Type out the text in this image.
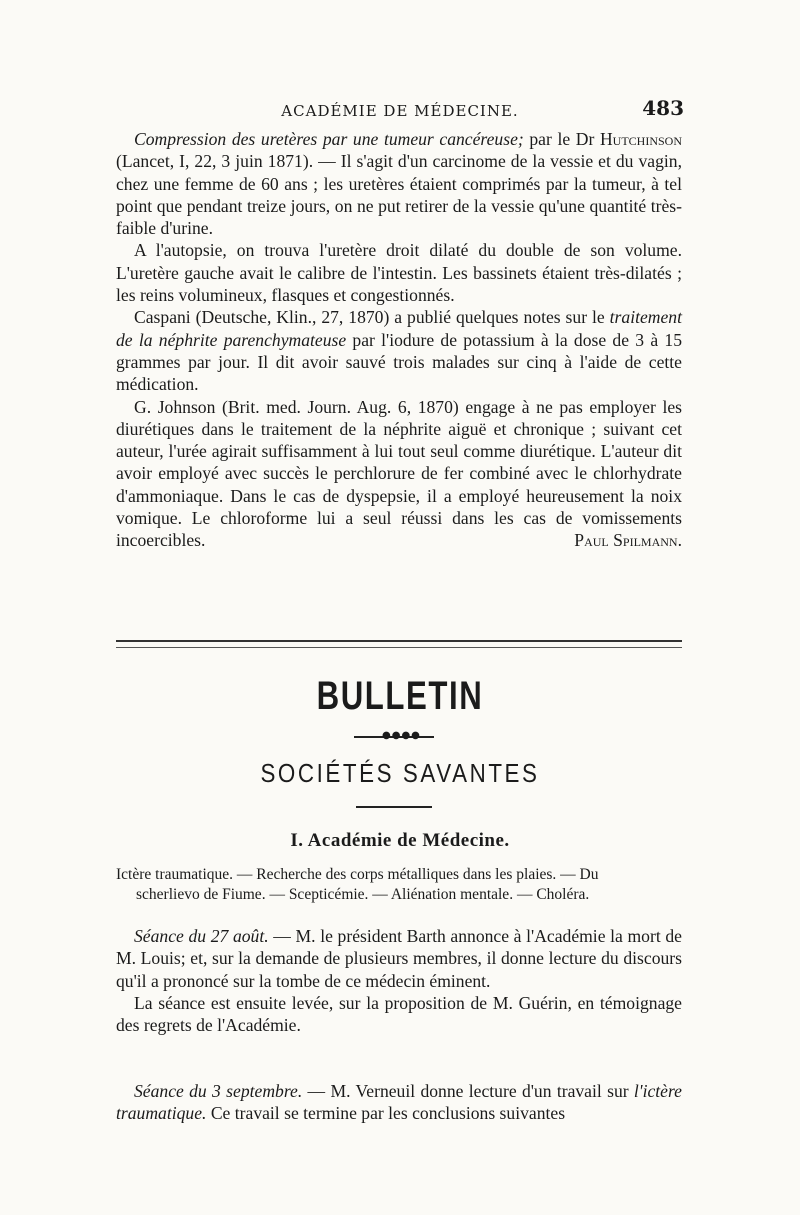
ACADÉMIE DE MÉDECINE.	483

Compression des uretères par une tumeur cancéreuse; par le Dr Hutchinson (Lancet, I, 22, 3 juin 1871). — Il s'agit d'un carcinome de la vessie et du vagin, chez une femme de 60 ans ; les uretères étaient comprimés par la tumeur, à tel point que pendant treize jours, on ne put retirer de la vessie qu'une quantité très-faible d'urine.

A l'autopsie, on trouva l'uretère droit dilaté du double de son volume. L'uretère gauche avait le calibre de l'intestin. Les bassinets étaient très-dilatés ; les reins volumineux, flasques et congestionnés.

Caspani (Deutsche, Klin., 27, 1870) a publié quelques notes sur le traitement de la néphrite parenchymateuse par l'iodure de potassium à la dose de 3 à 15 grammes par jour. Il dit avoir sauvé trois malades sur cinq à l'aide de cette médication.

G. Johnson (Brit. med. Journ. Aug. 6, 1870) engage à ne pas employer les diurétiques dans le traitement de la néphrite aiguë et chronique ; suivant cet auteur, l'urée agirait suffisamment à lui tout seul comme diurétique. L'auteur dit avoir employé avec succès le perchlorure de fer combiné avec le chlorhydrate d'ammoniaque. Dans le cas de dyspepsie, il a employé heureusement la noix vomique. Le chloroforme lui a seul réussi dans les cas de vomissements incoercibles.	Paul Spilmann.

BULLETIN
●●●●
SOCIÉTÉS SAVANTES
I. Académie de Médecine.
Ictère traumatique. — Recherche des corps métalliques dans les plaies. — Du
scherlievo de Fiume. — Scepticémie. — Aliénation mentale. — Choléra.

Séance du 27 août. — M. le président Barth annonce à l'Académie la mort de M. Louis; et, sur la demande de plusieurs membres, il donne lecture du discours qu'il a prononcé sur la tombe de ce médecin éminent.

La séance est ensuite levée, sur la proposition de M. Guérin, en témoignage des regrets de l'Académie.

Séance du 3 septembre. — M. Verneuil donne lecture d'un travail sur l'ictère traumatique. Ce travail se termine par les conclusions suivantes
